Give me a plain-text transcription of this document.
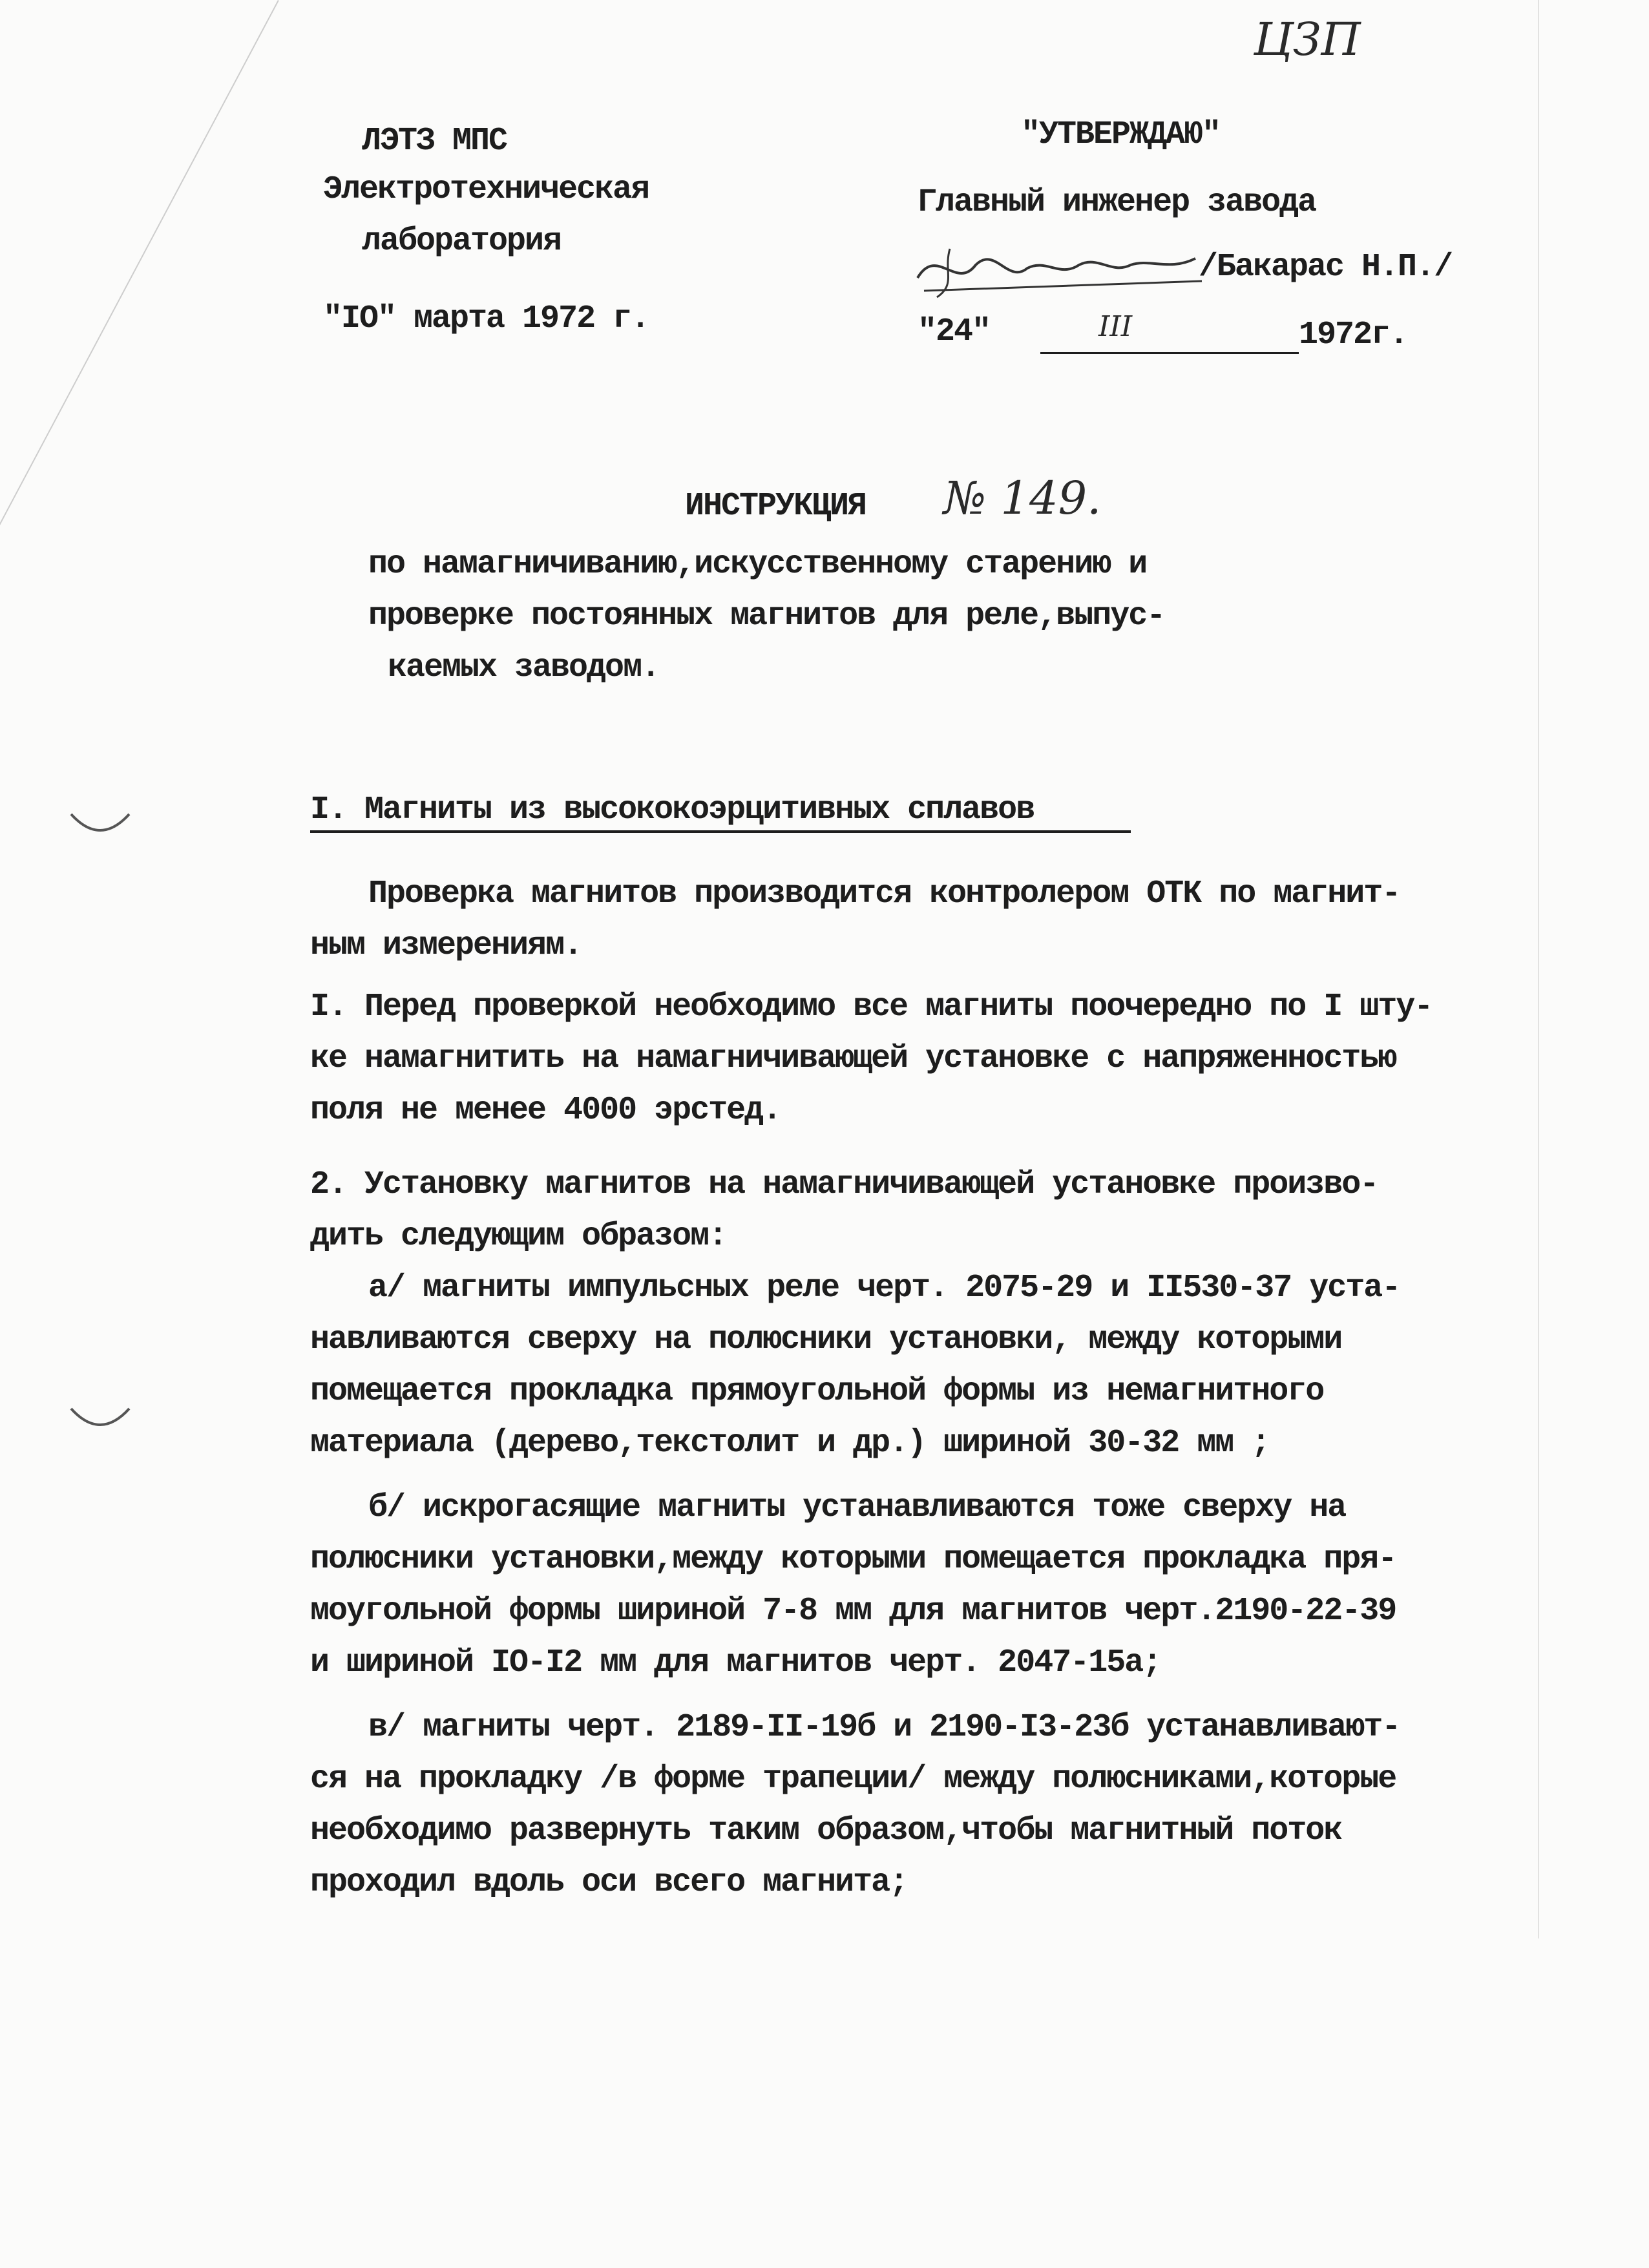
ЦЗП
ЛЭТЗ МПС
Электротехническая
лаборатория
"IO" марта 1972 г.
"УТВЕРЖДАЮ"
Главный инженер завода
/Бакарас Н.П./
"24"	III	1972г.
ИНСТРУКЦИЯ № 149.
по намагничиванию,искусственному старению и
проверке постоянных магнитов для реле,выпус-
каемых заводом.
I. Магниты из высококоэрцитивных сплавов
Проверка магнитов производится контролером ОТК по магнит-
ным измерениям.
I. Перед проверкой необходимо все магниты поочередно по I шту-
ке намагнитить на намагничивающей установке с напряженностью
поля не менее 4000 эрстед.
2. Установку магнитов на намагничивающей установке произво-
дить следующим образом:
а/ магниты импульсных реле черт. 2075-29 и II530-37 уста-
навливаются сверху на полюсники установки, между которыми
помещается прокладка прямоугольной формы из немагнитного
материала (дерево,текстолит и др.) шириной 30-32 мм ;
б/ искрогасящие магниты устанавливаются тоже сверху на
полюсники установки,между которыми помещается прокладка пря-
моугольной формы шириной 7-8 мм для магнитов черт.2190-22-39
и шириной IO-I2 мм для магнитов черт. 2047-15а;
в/ магниты черт. 2189-II-19б и 2190-I3-23б устанавливают-
ся на прокладку /в форме трапеции/ между полюсниками,которые
необходимо развернуть таким образом,чтобы магнитный поток
проходил вдоль оси всего магнита;
